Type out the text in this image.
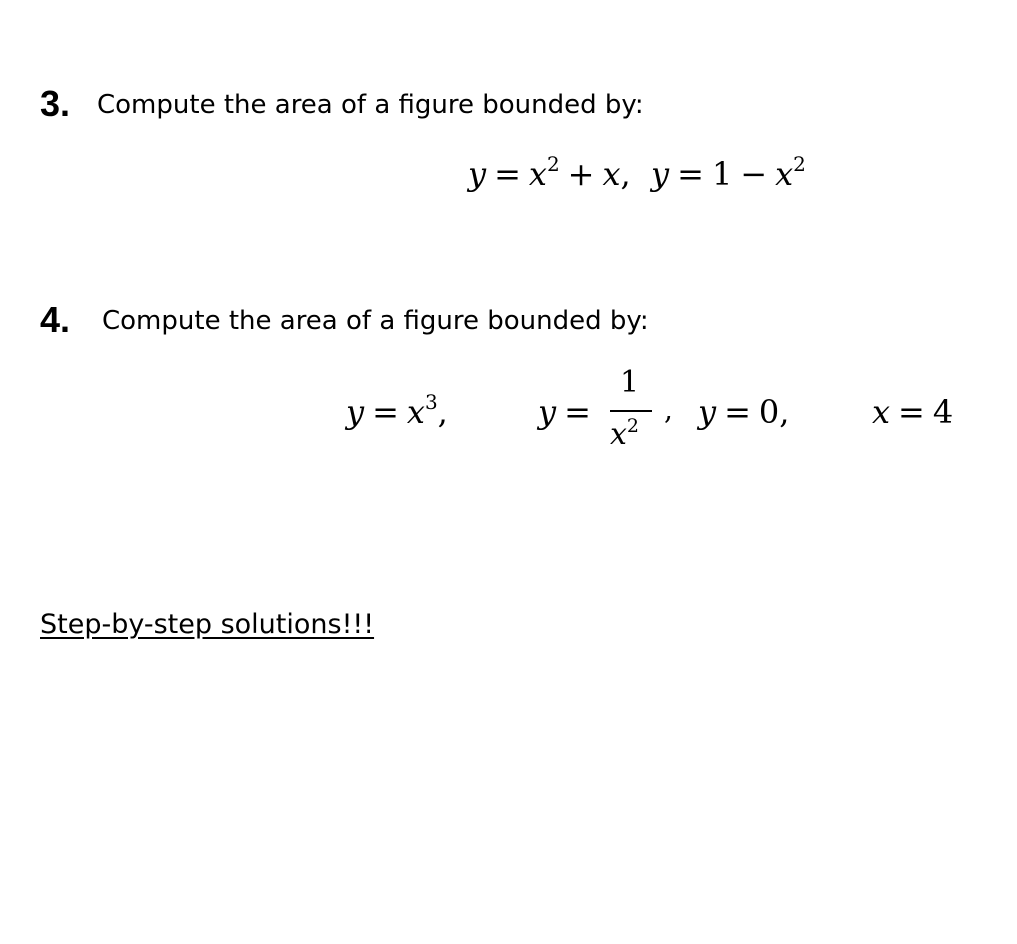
3. Compute the area of a figure bounded by:
$y = x^2 + x$,  $y = 1 - x^2$
4. Compute the area of a figure bounded by:
$y = x^3$,	y =
1
$x^2$ , y = 0,	x = 4
Step-by-step solutions!!!
